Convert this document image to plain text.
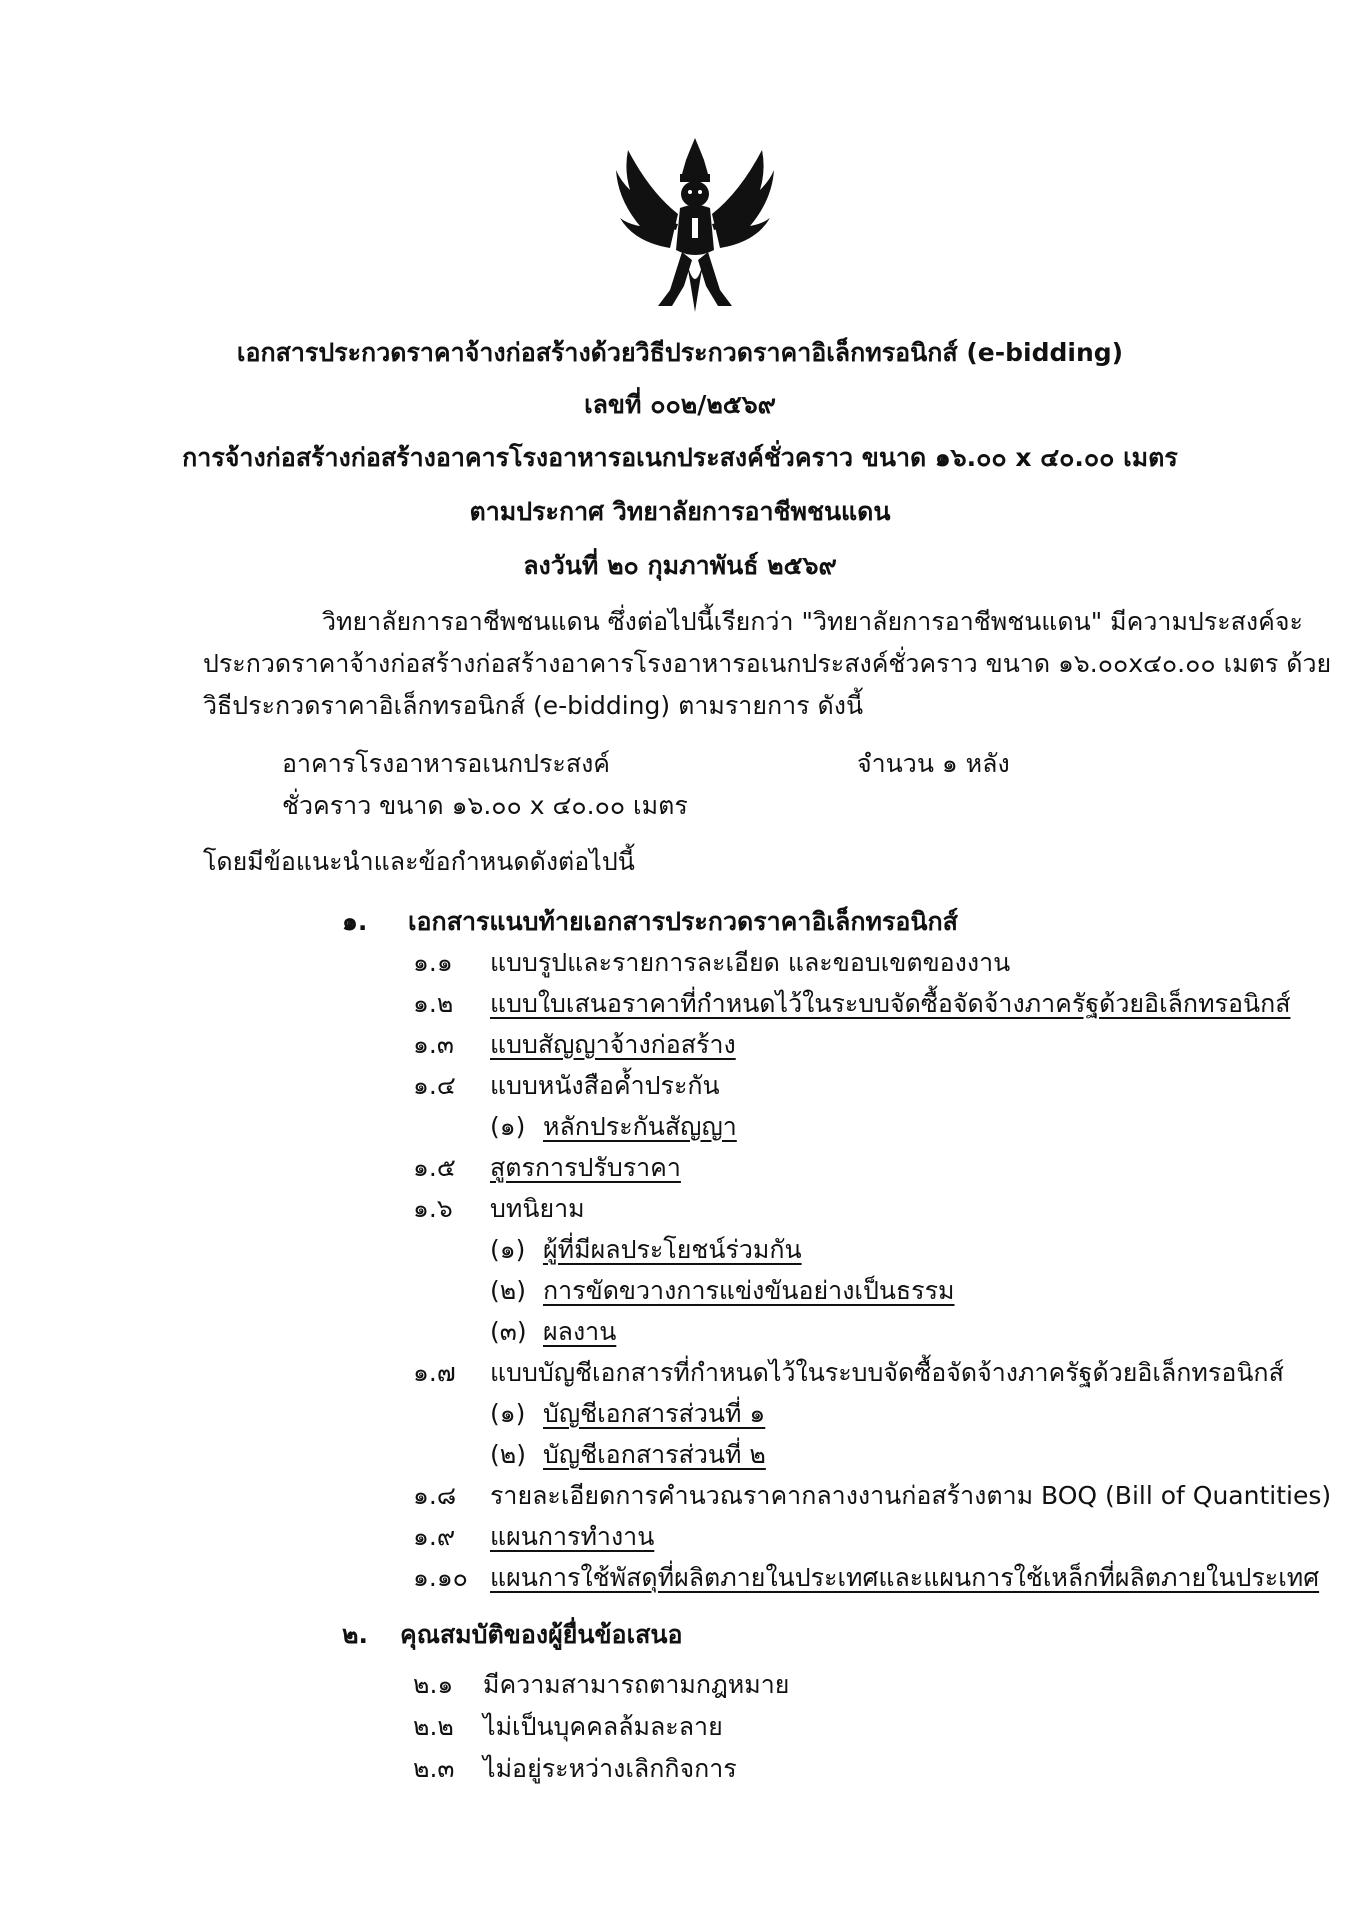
เอกสารประกวดราคาจ้างก่อสร้างด้วยวิธีประกวดราคาอิเล็กทรอนิกส์ (e-bidding)
เลขที่ ๐๐๒/๒๕๖๙
การจ้างก่อสร้างก่อสร้างอาคารโรงอาหารอเนกประสงค์ชั่วคราว ขนาด ๑๖.๐๐ x ๔๐.๐๐ เมตร
ตามประกาศ วิทยาลัยการอาชีพชนแดน
ลงวันที่ ๒๐ กุมภาพันธ์ ๒๕๖๙
วิทยาลัยการอาชีพชนแดน ซึ่งต่อไปนี้เรียกว่า "วิทยาลัยการอาชีพชนแดน" มีความประสงค์จะ
ประกวดราคาจ้างก่อสร้างก่อสร้างอาคารโรงอาหารอเนกประสงค์ชั่วคราว ขนาด ๑๖.๐๐x๔๐.๐๐ เมตร ด้วย
วิธีประกวดราคาอิเล็กทรอนิกส์ (e-bidding) ตามรายการ ดังนี้
อาคารโรงอาหารอเนกประสงค์	จำนวน ๑ หลัง
ชั่วคราว ขนาด ๑๖.๐๐ x ๔๐.๐๐ เมตร
โดยมีข้อแนะนำและข้อกำหนดดังต่อไปนี้
๑. เอกสารแนบท้ายเอกสารประกวดราคาอิเล็กทรอนิกส์
๑.๑ แบบรูปและรายการละเอียด และขอบเขตของงาน
๑.๒ แบบใบเสนอราคาที่กำหนดไว้ในระบบจัดซื้อจัดจ้างภาครัฐด้วยอิเล็กทรอนิกส์
๑.๓ แบบสัญญาจ้างก่อสร้าง
๑.๔ แบบหนังสือค้ำประกัน
(๑) หลักประกันสัญญา
๑.๕ สูตรการปรับราคา
๑.๖ บทนิยาม
(๑) ผู้ที่มีผลประโยชน์ร่วมกัน
(๒) การขัดขวางการแข่งขันอย่างเป็นธรรม
(๓) ผลงาน
๑.๗ แบบบัญชีเอกสารที่กำหนดไว้ในระบบจัดซื้อจัดจ้างภาครัฐด้วยอิเล็กทรอนิกส์
(๑) บัญชีเอกสารส่วนที่ ๑
(๒) บัญชีเอกสารส่วนที่ ๒
๑.๘ รายละเอียดการคำนวณราคากลางงานก่อสร้างตาม BOQ (Bill of Quantities)
๑.๙ แผนการทำงาน
๑.๑๐ แผนการใช้พัสดุที่ผลิตภายในประเทศและแผนการใช้เหล็กที่ผลิตภายในประเทศ
๒. คุณสมบัติของผู้ยื่นข้อเสนอ
๒.๑ มีความสามารถตามกฎหมาย
๒.๒ ไม่เป็นบุคคลล้มละลาย
๒.๓ ไม่อยู่ระหว่างเลิกกิจการ
